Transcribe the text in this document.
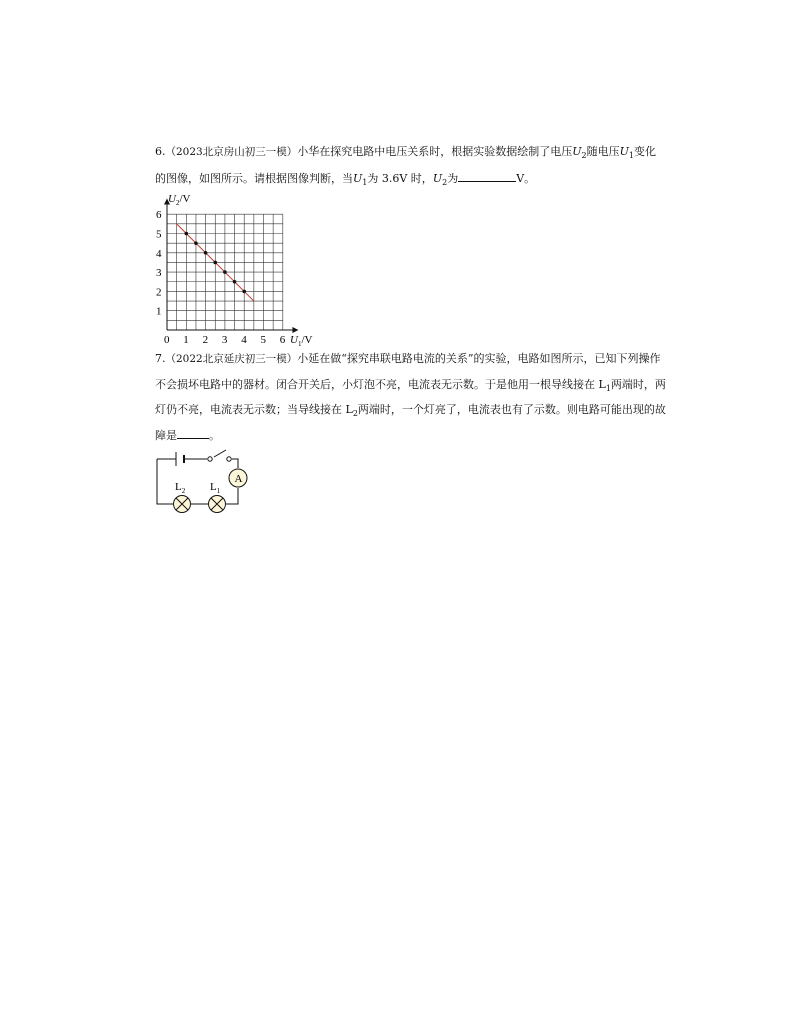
6.（2023北京房山初三一模）小华在探究电路中电压关系时，根据实验数据绘制了电压$U_2$随电压$U_1$变化
的图像，如图所示。请根据图像判断，当$U_1$为 3.6V 时，$U_2$为	V。
0 1 2 3 4 5 6
1
2
3
4
5
6
$U_2/V$
$U_1/V$
7.（2022北京延庆初三一模）小延在做“探究串联电路电流的关系”的实验，电路如图所示，已知下列操作
不会损坏电路中的器材。闭合开关后，小灯泡不亮，电流表无示数。于是他用一根导线接在 $L_1$两端时，两
灯仍不亮，电流表无示数；当导线接在 $L_2$两端时，一个灯亮了，电流表也有了示数。则电路可能出现的故
障是	。
A
$L_2$ $L_1$
